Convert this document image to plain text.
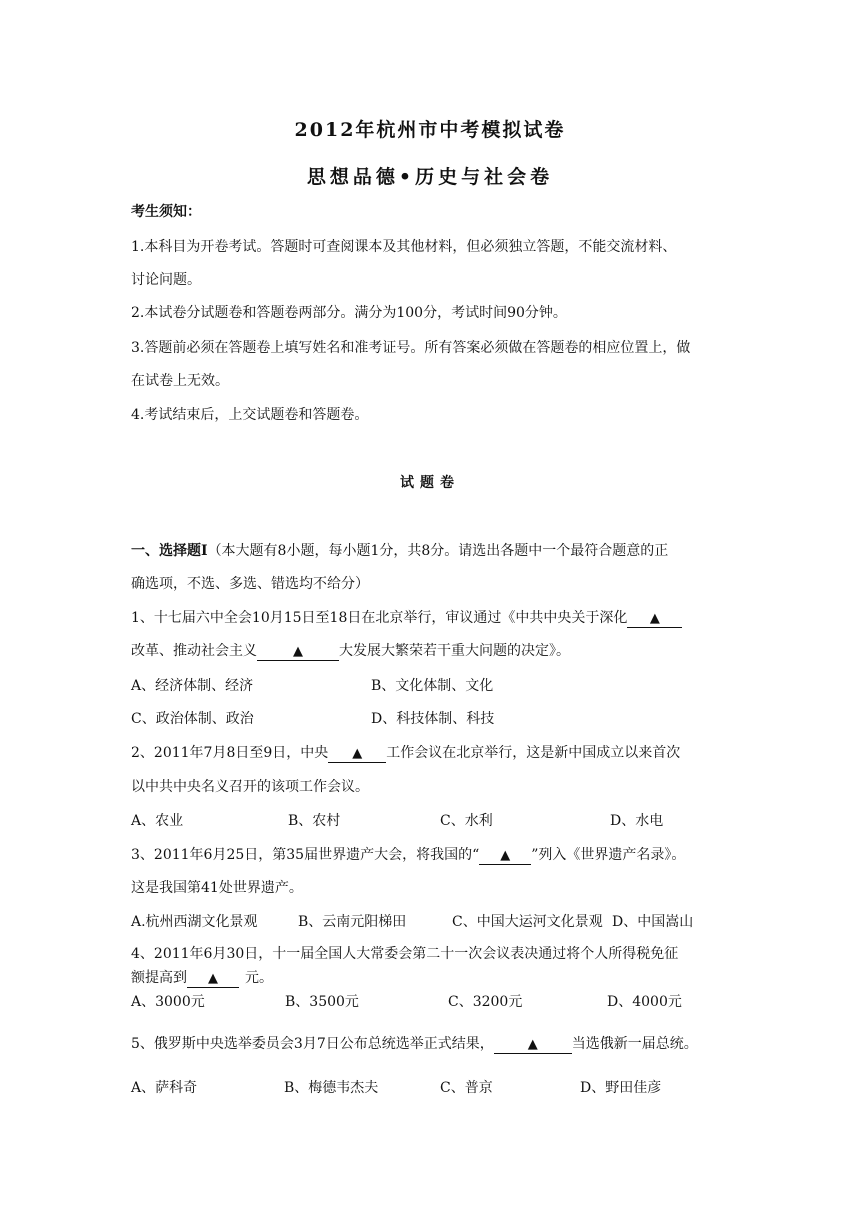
2012年杭州市中考模拟试卷
思想品德•历史与社会卷
考生须知：
1.本科目为开卷考试。答题时可查阅课本及其他材料，但必须独立答题，不能交流材料、
讨论问题。
2.本试卷分试题卷和答题卷两部分。满分为100分，考试时间90分钟。
3.答题前必须在答题卷上填写姓名和准考证号。所有答案必须做在答题卷的相应位置上，做
在试卷上无效。
4.考试结束后，上交试题卷和答题卷。
试题卷
一、选择题Ⅰ（本大题有8小题，每小题1分，共8分。请选出各题中一个最符合题意的正
确选项，不选、多选、错选均不给分）
1、十七届六中全会10月15日至18日在北京举行，审议通过《中共中央关于深化 ▲
改革、推动社会主义	▲	大发展大繁荣若干重大问题的决定》。
A、经济体制、经济	B、文化体制、文化
C、政治体制、政治	D、科技体制、科技
2、2011年7月8日至9日，中央 ▲ 工作会议在北京举行，这是新中国成立以来首次
以中共中央名义召开的该项工作会议。
A、农业	B、农村	C、水利	D、水电
3、2011年6月25日，第35届世界遗产大会，将我国的“ ▲ ”列入《世界遗产名录》。
这是我国第41处世界遗产。
A.杭州西湖文化景观	B、云南元阳梯田	C、中国大运河文化景观 D、中国嵩山
4、2011年6月30日，十一届全国人大常委会第二十一次会议表决通过将个人所得税免征
额提高到 ▲ 元。
A、3000元	B、3500元	C、3200元	D、4000元
5、俄罗斯中央选举委员会3月7日公布总统选举正式结果，	▲ 当选俄新一届总统。
A、萨科奇	B、梅德韦杰夫	C、普京	D、野田佳彦
